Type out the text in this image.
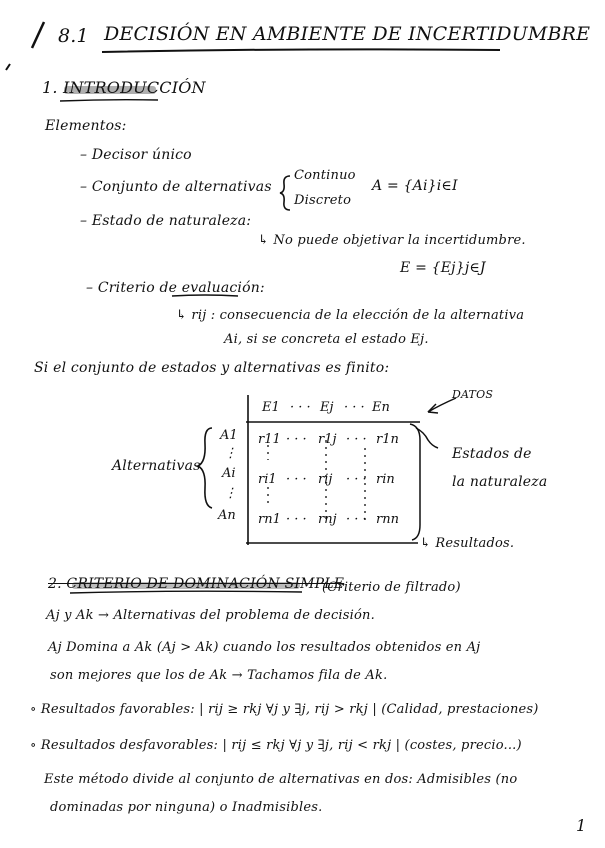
8.1 DECISIÓN EN AMBIENTE DE INCERTIDUMBRE
1. INTRODUCCIÓN
Elementos:
– Decisor único
– Conjunto de alternativas
Continuo
Discreto
A = {Ai}i∈I
– Estado de naturaleza:
↳ No puede objetivar la incertidumbre.
E = {Ej}j∈J
– Criterio de evaluación:
↳ rij : consecuencia de la elección de la alternativa
Ai, si se concreta el estado Ej.
Si el conjunto de estados y alternativas es finito:
DATOS
E1 · · · Ej · · · En
A1
⋮
Ai
⋮
An
r11 · · · r1j · · · r1n
ri1 · · · rij · · · rin
rn1 · · · rnj · · · rnn
Alternativas
Estados de
la naturaleza
↳ Resultados.
2. CRITERIO DE DOMINACIÓN SIMPLE
(Criterio de filtrado)
Aj y Ak → Alternativas del problema de decisión.
Aj Domina a Ak (Aj > Ak) cuando los resultados obtenidos en Aj
son mejores que los de Ak → Tachamos fila de Ak.
∘ Resultados favorables: | rij ≥ rkj ∀j y ∃j, rij > rkj | (Calidad, prestaciones)
∘ Resultados desfavorables: | rij ≤ rkj ∀j y ∃j, rij < rkj | (costes, precio...)
Este método divide al conjunto de alternativas en dos: Admisibles (no
dominadas por ninguna) o Inadmisibles.
1
